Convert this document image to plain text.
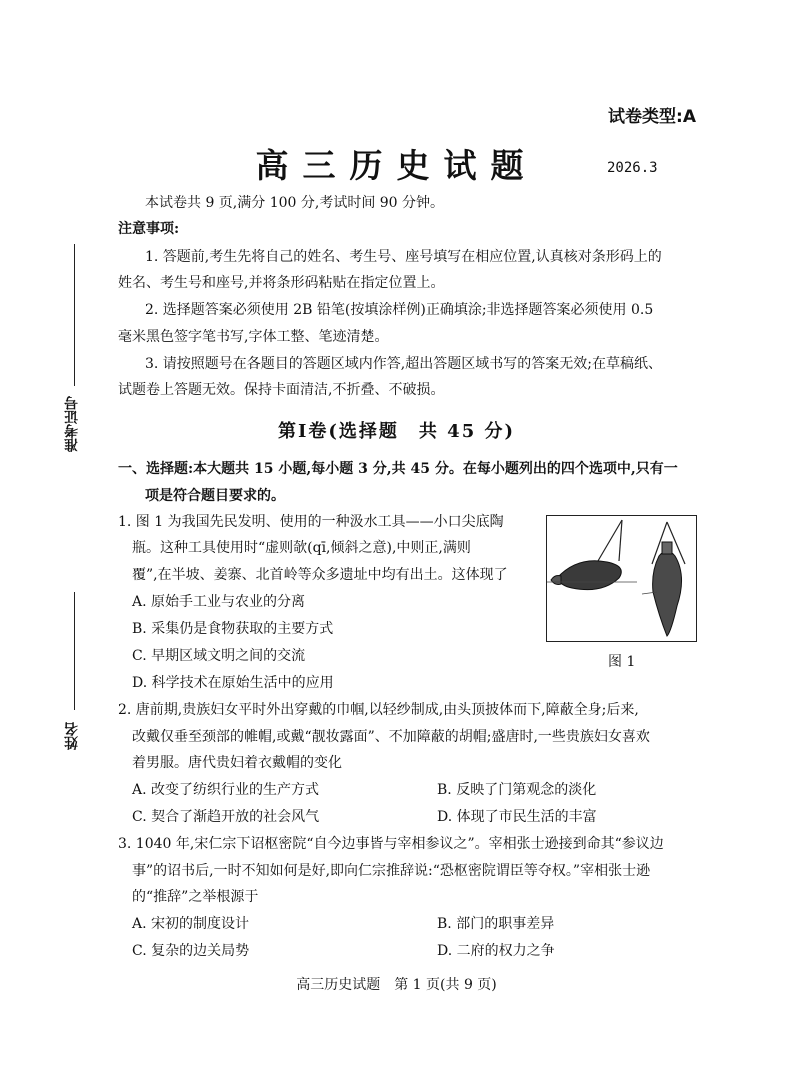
试卷类型:A
高三历史试题	2026.3
本试卷共 9 页,满分 100 分,考试时间 90 分钟。
注意事项:
1. 答题前,考生先将自己的姓名、考生号、座号填写在相应位置,认真核对条形码上的
姓名、考生号和座号,并将条形码粘贴在指定位置上。
2. 选择题答案必须使用 2B 铅笔(按填涂样例)正确填涂;非选择题答案必须使用 0.5
毫米黑色签字笔书写,字体工整、笔迹清楚。
3. 请按照题号在各题目的答题区域内作答,超出答题区域书写的答案无效;在草稿纸、
试题卷上答题无效。保持卡面清洁,不折叠、不破损。
准考证号
姓名
第Ⅰ卷(选择题　共 45 分)
一、选择题:本大题共 15 小题,每小题 3 分,共 45 分。在每小题列出的四个选项中,只有一
项是符合题目要求的。
1. 图 1 为我国先民发明、使用的一种汲水工具——小口尖底陶
瓶。这种工具使用时“虚则欹(qī,倾斜之意),中则正,满则
覆”,在半坡、姜寨、北首岭等众多遗址中均有出土。这体现了
A. 原始手工业与农业的分离
B. 采集仍是食物获取的主要方式
C. 早期区域文明之间的交流
D. 科学技术在原始生活中的应用
图 1
2. 唐前期,贵族妇女平时外出穿戴的巾帼,以轻纱制成,由头顶披体而下,障蔽全身;后来,
改戴仅垂至颈部的帷帽,或戴“靓妆露面”、不加障蔽的胡帽;盛唐时,一些贵族妇女喜欢
着男服。唐代贵妇着衣戴帽的变化
A. 改变了纺织行业的生产方式	B. 反映了门第观念的淡化
C. 契合了渐趋开放的社会风气	D. 体现了市民生活的丰富
3. 1040 年,宋仁宗下诏枢密院“自今边事皆与宰相参议之”。宰相张士逊接到命其“参议边
事”的诏书后,一时不知如何是好,即向仁宗推辞说:“恐枢密院谓臣等夺权。”宰相张士逊
的“推辞”之举根源于
A. 宋初的制度设计	B. 部门的职事差异
C. 复杂的边关局势	D. 二府的权力之争
高三历史试题　第 1 页(共 9 页)
